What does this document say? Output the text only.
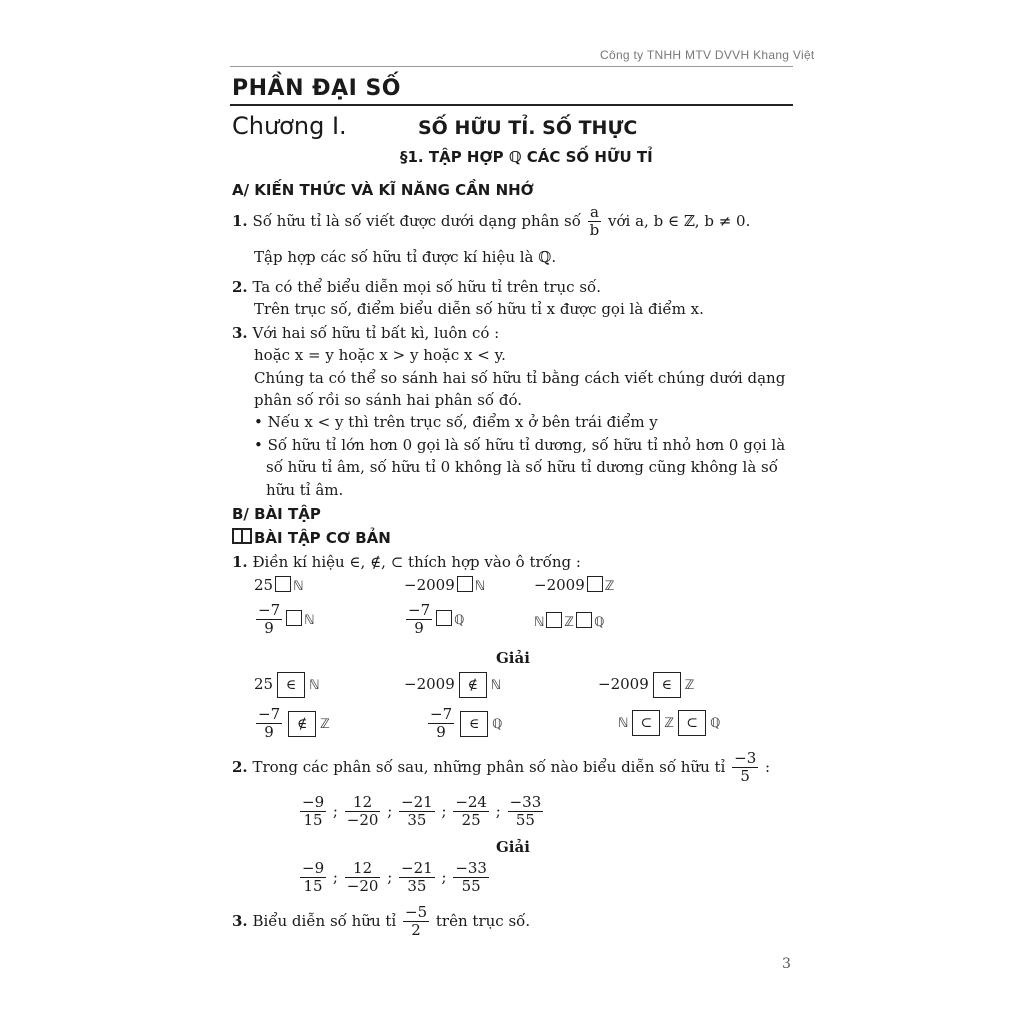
Công ty TNHH MTV DVVH Khang Việt
PHẦN ĐẠI SỐ
Chương I.	SỐ HỮU TỈ. SỐ THỰC
§1. TẬP HỢP ℚ CÁC SỐ HỮU TỈ
A/ KIẾN THỨC VÀ KĨ NĂNG CẦN NHỚ
1. Số hữu tỉ là số viết được dưới dạng phân số $\frac{a}{b}$ với a, b ∈ ℤ, b ≠ 0.
Tập hợp các số hữu tỉ được kí hiệu là ℚ.
2. Ta có thể biểu diễn mọi số hữu tỉ trên trục số.
Trên trục số, điểm biểu diễn số hữu tỉ x được gọi là điểm x.
3. Với hai số hữu tỉ bất kì, luôn có :
hoặc x = y hoặc x > y hoặc x < y.
Chúng ta có thể so sánh hai số hữu tỉ bằng cách viết chúng dưới dạng
phân số rồi so sánh hai phân số đó.
• Nếu x < y thì trên trục số, điểm x ở bên trái điểm y
• Số hữu tỉ lớn hơn 0 gọi là số hữu tỉ dương, số hữu tỉ nhỏ hơn 0 gọi là
số hữu tỉ âm, số hữu tỉ 0 không là số hữu tỉ dương cũng không là số
hữu tỉ âm.
B/ BÀI TẬP
BÀI TẬP CƠ BẢN
1. Điền kí hiệu ∈, ∉, ⊂ thích hợp vào ô trống :
25 ℕ	−2009 ℕ	−2009 ℤ
$\frac{-7}{9}$ ℕ	$\frac{-7}{9}$ ℚ	ℕ ℤ ℚ
Giải
25 ∈ ℕ	−2009 ∉ ℕ	−2009 ∈ ℤ
$\frac{-7}{9}$ ∉ ℤ	$\frac{-7}{9}$ ∈ ℚ	ℕ ⊂ ℤ ⊂ ℚ
2. Trong các phân số sau, những phân số nào biểu diễn số hữu tỉ $\frac{-3}{5}$ :
$\frac{-9}{15}$ ; $\frac{12}{-20}$ ; $\frac{-21}{35}$ ; $\frac{-24}{25}$ ; $\frac{-33}{55}$
Giải
$\frac{-9}{15}$ ; $\frac{12}{-20}$ ; $\frac{-21}{35}$ ; $\frac{-33}{55}$
3. Biểu diễn số hữu tỉ $\frac{-5}{2}$ trên trục số.
3
